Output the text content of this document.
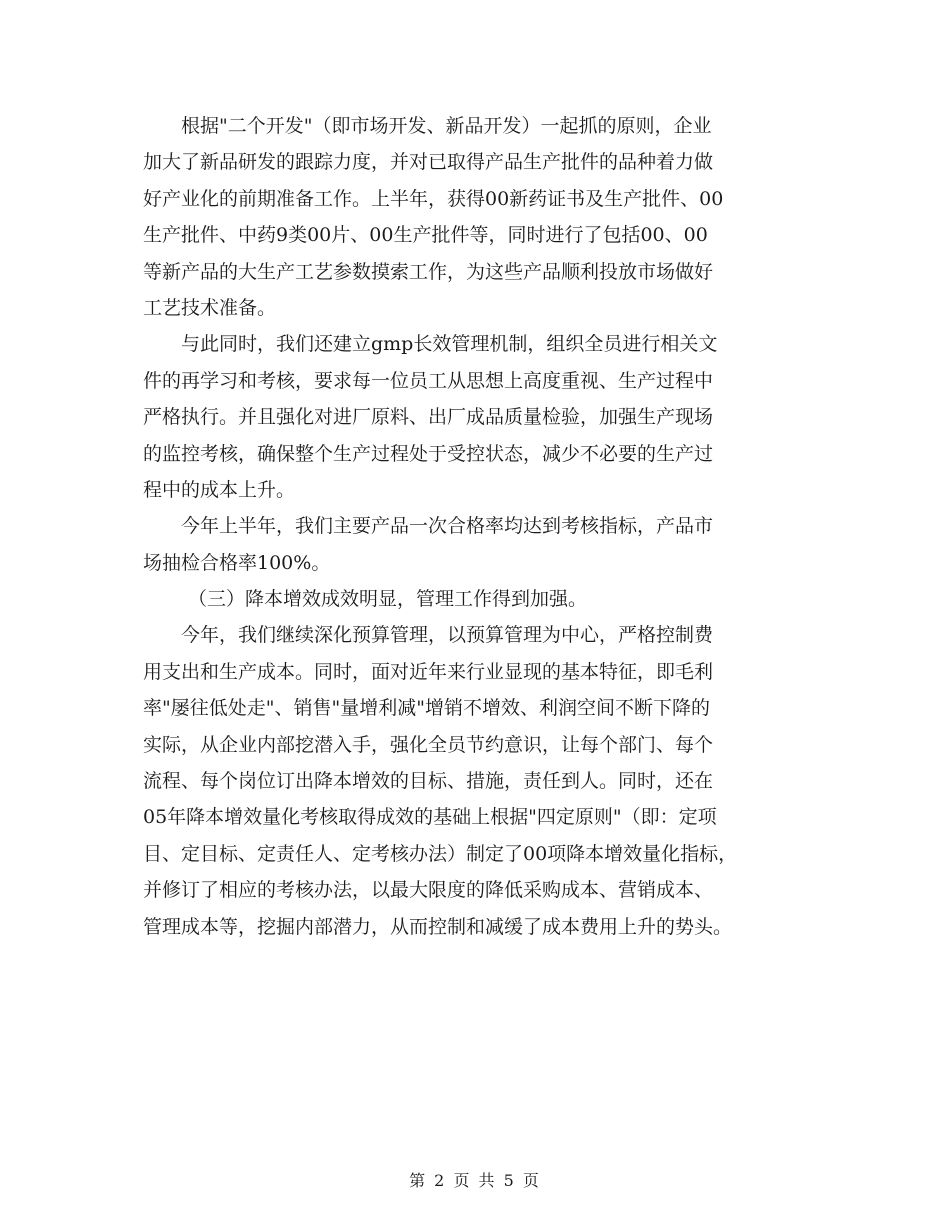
根据"二个开发"（即市场开发、新品开发）一起抓的原则，企业
加大了新品研发的跟踪力度，并对已取得产品生产批件的品种着力做
好产业化的前期准备工作。上半年，获得00新药证书及生产批件、00
生产批件、中药9类00片、00生产批件等，同时进行了包括00、00
等新产品的大生产工艺参数摸索工作，为这些产品顺利投放市场做好
工艺技术准备。
与此同时，我们还建立gmp长效管理机制，组织全员进行相关文
件的再学习和考核，要求每一位员工从思想上高度重视、生产过程中
严格执行。并且强化对进厂原料、出厂成品质量检验，加强生产现场
的监控考核，确保整个生产过程处于受控状态，减少不必要的生产过
程中的成本上升。
今年上半年，我们主要产品一次合格率均达到考核指标，产品市
场抽检合格率100%。
（三）降本增效成效明显，管理工作得到加强。
今年，我们继续深化预算管理，以预算管理为中心，严格控制费
用支出和生产成本。同时，面对近年来行业显现的基本特征，即毛利
率"屡往低处走"、销售"量增利减"增销不增效、利润空间不断下降的
实际，从企业内部挖潜入手，强化全员节约意识，让每个部门、每个
流程、每个岗位订出降本增效的目标、措施，责任到人。同时，还在
05年降本增效量化考核取得成效的基础上根据"四定原则"（即：定项
目、定目标、定责任人、定考核办法）制定了00项降本增效量化指标，
并修订了相应的考核办法，以最大限度的降低采购成本、营销成本、
管理成本等，挖掘内部潜力，从而控制和减缓了成本费用上升的势头。
第 2 页 共 5 页
